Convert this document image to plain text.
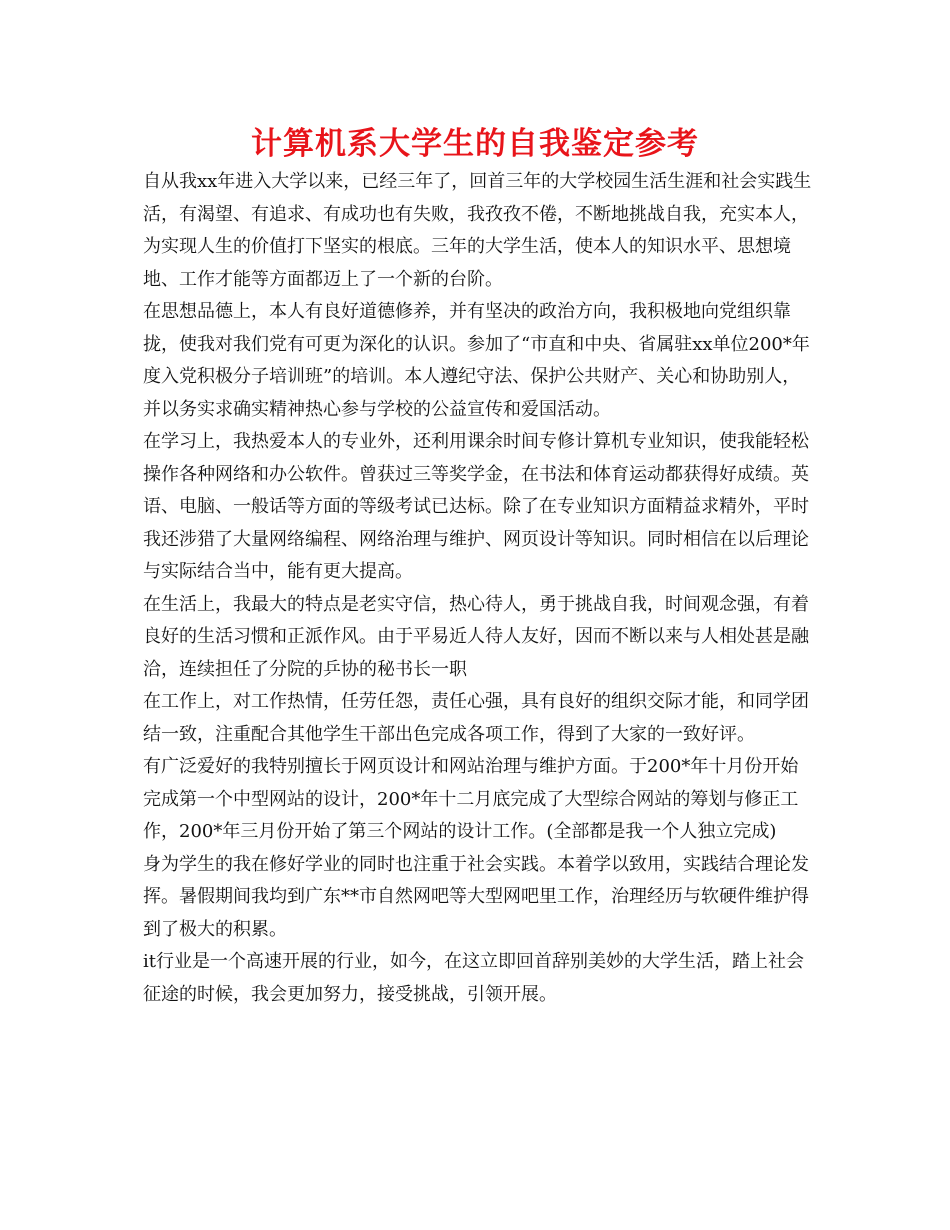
计算机系大学生的自我鉴定参考

自从我xx年进入大学以来，已经三年了，回首三年的大学校园生活生涯和社会实践生活，有渴望、有追求、有成功也有失败，我孜孜不倦，不断地挑战自我，充实本人，为实现人生的价值打下坚实的根底。三年的大学生活，使本人的知识水平、思想境地、工作才能等方面都迈上了一个新的台阶。

在思想品德上，本人有良好道德修养，并有坚决的政治方向，我积极地向党组织靠拢，使我对我们党有可更为深化的认识。参加了“市直和中央、省属驻xx单位200*年度入党积极分子培训班”的培训。本人遵纪守法、保护公共财产、关心和协助别人，并以务实求确实精神热心参与学校的公益宣传和爱国活动。

在学习上，我热爱本人的专业外，还利用课余时间专修计算机专业知识，使我能轻松操作各种网络和办公软件。曾获过三等奖学金，在书法和体育运动都获得好成绩。英语、电脑、一般话等方面的等级考试已达标。除了在专业知识方面精益求精外，平时我还涉猎了大量网络编程、网络治理与维护、网页设计等知识。同时相信在以后理论与实际结合当中，能有更大提高。

在生活上，我最大的特点是老实守信，热心待人，勇于挑战自我，时间观念强，有着良好的生活习惯和正派作风。由于平易近人待人友好，因而不断以来与人相处甚是融洽，连续担任了分院的乒协的秘书长一职

在工作上，对工作热情，任劳任怨，责任心强，具有良好的组织交际才能，和同学团结一致，注重配合其他学生干部出色完成各项工作，得到了大家的一致好评。

有广泛爱好的我特别擅长于网页设计和网站治理与维护方面。于200*年十月份开始完成第一个中型网站的设计，200*年十二月底完成了大型综合网站的筹划与修正工作，200*年三月份开始了第三个网站的设计工作。(全部都是我一个人独立完成)

身为学生的我在修好学业的同时也注重于社会实践。本着学以致用，实践结合理论发挥。暑假期间我均到广东**市自然网吧等大型网吧里工作，治理经历与软硬件维护得到了极大的积累。

it行业是一个高速开展的行业，如今，在这立即回首辞别美妙的大学生活，踏上社会征途的时候，我会更加努力，接受挑战，引领开展。
